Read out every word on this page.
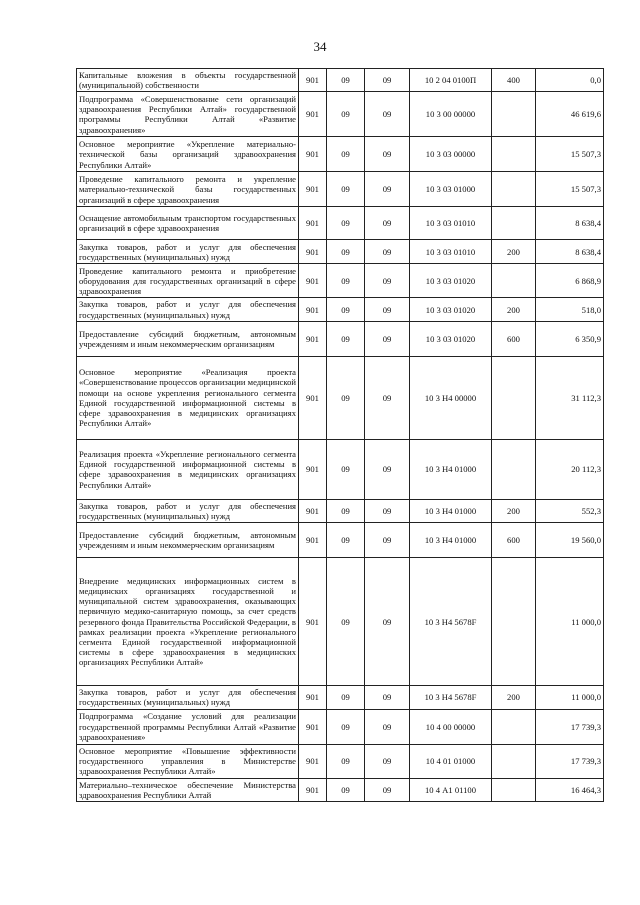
34
Капитальные вложения в объекты государственной (муниципальной) собственности	901	09	09	10 2 04 0100П	400	0,0
Подпрограмма «Совершенствование сети организаций здравоохранения Республики Алтай» государственной программы Республики Алтай «Развитие здравоохранения»	901	09	09	10 3 00 00000		46 619,6
Основное мероприятие «Укрепление материально-технической базы организаций здравоохранения Республики Алтай»	901	09	09	10 3 03 00000		15 507,3
Проведение капитального ремонта и укрепление материально-технической базы государственных организаций в сфере здравоохранения	901	09	09	10 3 03 01000		15 507,3
Оснащение автомобильным транспортом государственных организаций в сфере здравоохранения	901	09	09	10 3 03 01010		8 638,4
Закупка товаров, работ и услуг для обеспечения государственных (муниципальных) нужд	901	09	09	10 3 03 01010	200	8 638,4
Проведение капитального ремонта и приобретение оборудования для государственных организаций в сфере здравоохранения	901	09	09	10 3 03 01020		6 868,9
Закупка товаров, работ и услуг для обеспечения государственных (муниципальных) нужд	901	09	09	10 3 03 01020	200	518,0
Предоставление субсидий бюджетным, автономным учреждениям и иным некоммерческим организациям	901	09	09	10 3 03 01020	600	6 350,9
Основное мероприятие «Реализация проекта «Совершенствование процессов организации медицинской помощи на основе укрепления регионального сегмента Единой государственной информационной системы в сфере здравоохранения в медицинских организациях Республики Алтай»	901	09	09	10 3 Н4 00000		31 112,3
Реализация проекта «Укрепление регионального сегмента Единой государственной информационной системы в сфере здравоохранения в медицинских организациях Республики Алтай»	901	09	09	10 3 Н4 01000		20 112,3
Закупка товаров, работ и услуг для обеспечения государственных (муниципальных) нужд	901	09	09	10 3 Н4 01000	200	552,3
Предоставление субсидий бюджетным, автономным учреждениям и иным некоммерческим организациям	901	09	09	10 3 Н4 01000	600	19 560,0
Внедрение медицинских информационных систем в медицинских организациях государственной и муниципальной систем здравоохранения, оказывающих первичную медико-санитарную помощь, за счет средств резервного фонда Правительства Российской Федерации, в рамках реализации проекта «Укрепление регионального сегмента Единой государственной информационной системы в сфере здравоохранения в медицинских организациях Республики Алтай»	901	09	09	10 3 Н4 5678F		11 000,0
Закупка товаров, работ и услуг для обеспечения государственных (муниципальных) нужд	901	09	09	10 3 Н4 5678F	200	11 000,0
Подпрограмма «Создание условий для реализации государственной программы Республики Алтай «Развитие здравоохранения»	901	09	09	10 4 00 00000		17 739,3
Основное мероприятие «Повышение эффективности государственного управления в Министерстве здравоохранения Республики Алтай»	901	09	09	10 4 01 01000		17 739,3
Материально–техническое обеспечение Министерства здравоохранения Республики Алтай	901	09	09	10 4 А1 01100		16 464,3
